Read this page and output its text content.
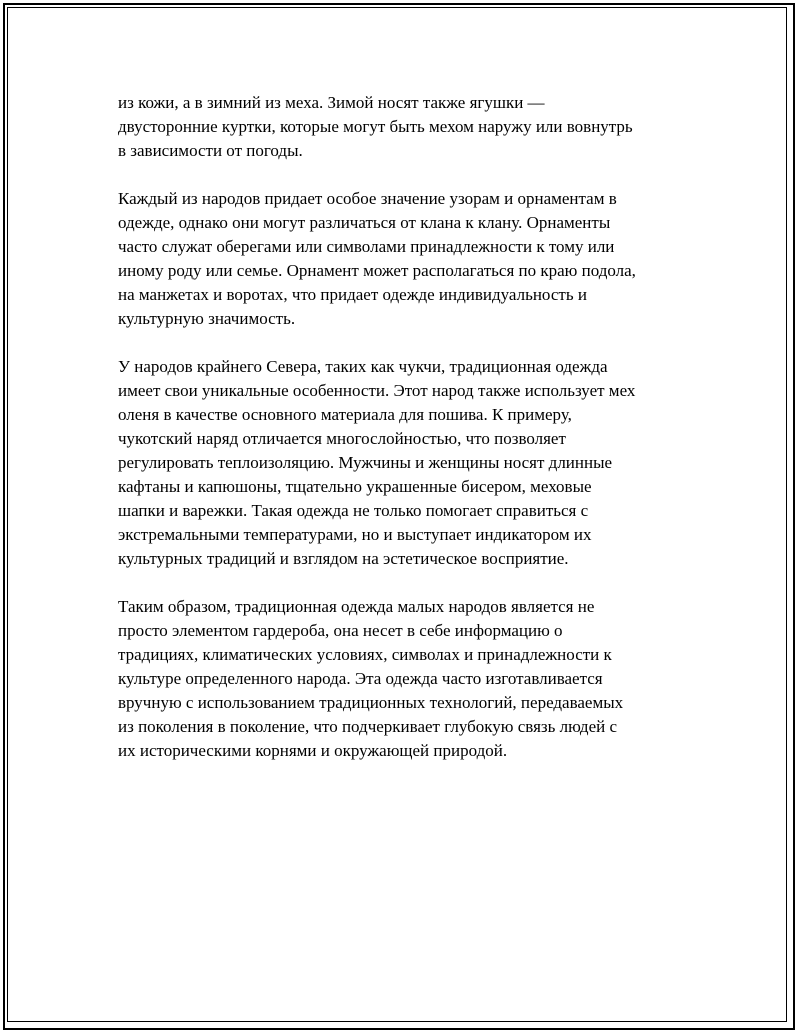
из кожи, а в зимний из меха. Зимой носят также ягушки —
двусторонние куртки, которые могут быть мехом наружу или вовнутрь
в зависимости от погоды.

Каждый из народов придает особое значение узорам и орнаментам в
одежде, однако они могут различаться от клана к клану. Орнаменты
часто служат оберегами или символами принадлежности к тому или
иному роду или семье. Орнамент может располагаться по краю подола,
на манжетах и воротах, что придает одежде индивидуальность и
культурную значимость.

У народов крайнего Севера, таких как чукчи, традиционная одежда
имеет свои уникальные особенности. Этот народ также использует мех
оленя в качестве основного материала для пошива. К примеру,
чукотский наряд отличается многослойностью, что позволяет
регулировать теплоизоляцию. Мужчины и женщины носят длинные
кафтаны и капюшоны, тщательно украшенные бисером, меховые
шапки и варежки. Такая одежда не только помогает справиться с
экстремальными температурами, но и выступает индикатором их
культурных традиций и взглядом на эстетическое восприятие.

Таким образом, традиционная одежда малых народов является не
просто элементом гардероба, она несет в себе информацию о
традициях, климатических условиях, символах и принадлежности к
культуре определенного народа. Эта одежда часто изготавливается
вручную с использованием традиционных технологий, передаваемых
из поколения в поколение, что подчеркивает глубокую связь людей с
их историческими корнями и окружающей природой.
